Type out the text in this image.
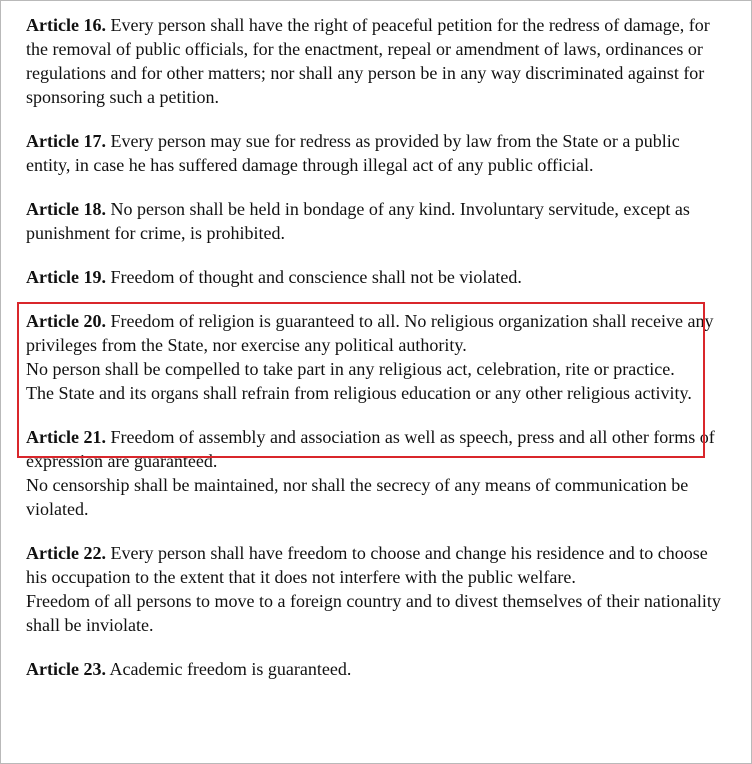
Article 16. Every person shall have the right of peaceful petition for the redress of damage, for the removal of public officials, for the enactment, repeal or amendment of laws, ordinances or regulations and for other matters; nor shall any person be in any way discriminated against for sponsoring such a petition.

Article 17. Every person may sue for redress as provided by law from the State or a public entity, in case he has suffered damage through illegal act of any public official.

Article 18. No person shall be held in bondage of any kind. Involuntary servitude, except as punishment for crime, is prohibited.

Article 19. Freedom of thought and conscience shall not be violated.

Article 20. Freedom of religion is guaranteed to all. No religious organization shall receive any privileges from the State, nor exercise any political authority.

No person shall be compelled to take part in any religious act, celebration, rite or practice.

The State and its organs shall refrain from religious education or any other religious activity.

Article 21. Freedom of assembly and association as well as speech, press and all other forms of expression are guaranteed.

No censorship shall be maintained, nor shall the secrecy of any means of communication be violated.

Article 22. Every person shall have freedom to choose and change his residence and to choose his occupation to the extent that it does not interfere with the public welfare.

Freedom of all persons to move to a foreign country and to divest themselves of their nationality shall be inviolate.

Article 23. Academic freedom is guaranteed.
